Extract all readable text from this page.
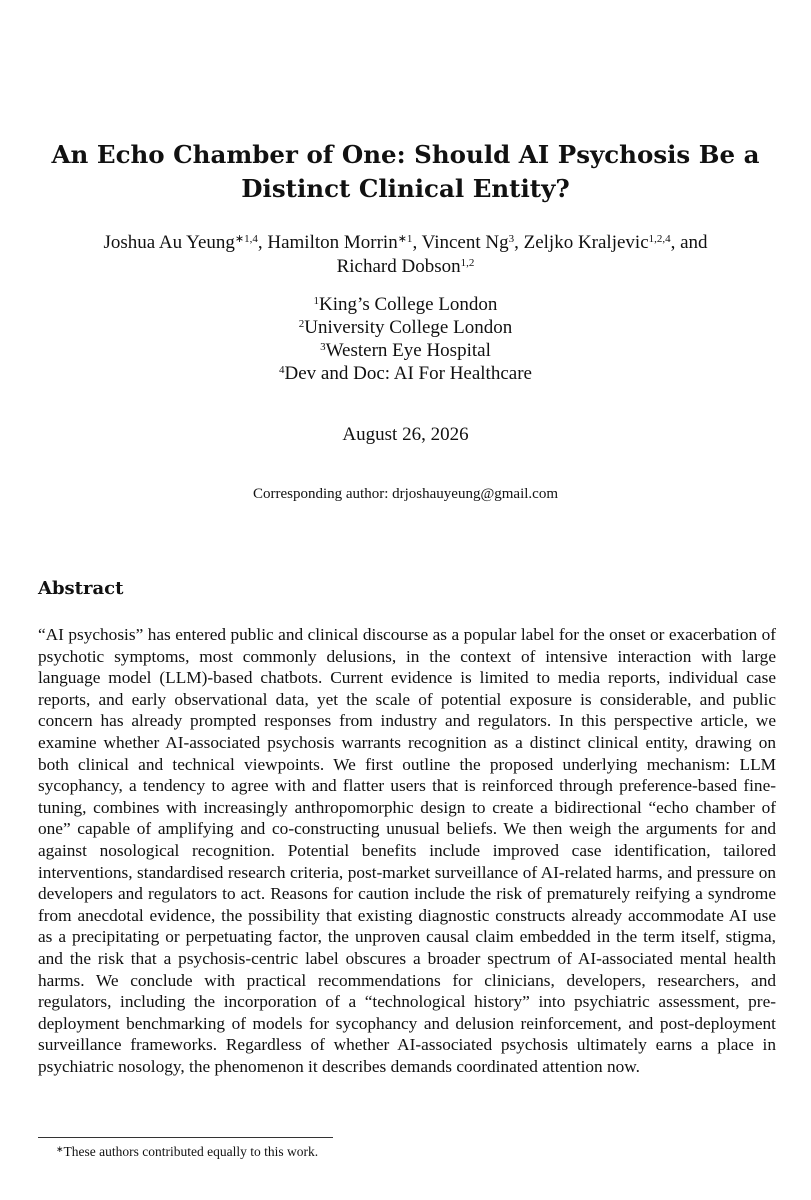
An Echo Chamber of One: Should AI Psychosis Be a Distinct Clinical Entity?
Joshua Au Yeung$^{∗1,4}$, Hamilton Morrin$^{∗1}$, Vincent Ng$^3$, Zeljko Kraljevic$^{1,2,4}$, and
Richard Dobson$^{1,2}$
$^1$King’s College London
$^2$University College London
$^3$Western Eye Hospital
$^4$Dev and Doc: AI For Healthcare
August 26, 2026
Corresponding author: drjoshauyeung@gmail.com
Abstract

“AI psychosis” has entered public and clinical discourse as a popular label for the onset or exacerbation of psychotic symptoms, most commonly delusions, in the context of intensive interaction with large language model (LLM)-based chatbots. Current evidence is limited to media reports, individual case reports, and early observational data, yet the scale of potential exposure is considerable, and public concern has already prompted responses from industry and regulators. In this perspective article, we examine whether AI-associated psychosis warrants recognition as a distinct clinical entity, drawing on both clinical and technical viewpoints. We first outline the proposed underlying mechanism: LLM sycophancy, a tendency to agree with and flatter users that is reinforced through preference-based fine-tuning, combines with increasingly anthropomorphic design to create a bidirectional “echo chamber of one” capable of amplifying and co-constructing unusual beliefs. We then weigh the arguments for and against nosological recognition. Potential benefits include improved case identification, tailored interventions, standardised research criteria, post-market surveillance of AI-related harms, and pressure on developers and regulators to act. Reasons for caution include the risk of prematurely reifying a syndrome from anecdotal evidence, the possibility that existing diagnostic constructs already accommodate AI use as a precipitating or perpetuating factor, the unproven causal claim embedded in the term itself, stigma, and the risk that a psychosis-centric label obscures a broader spectrum of AI-associated mental health harms. We conclude with practical recommendations for clinicians, developers, researchers, and regulators, including the incorporation of a “technological history” into psychiatric assessment, pre-deployment benchmarking of models for sycophancy and delusion reinforcement, and post-deployment surveillance frameworks. Regardless of whether AI-associated psychosis ultimately earns a place in psychiatric nosology, the phenomenon it describes demands coordinated attention now.

∗These authors contributed equally to this work.
